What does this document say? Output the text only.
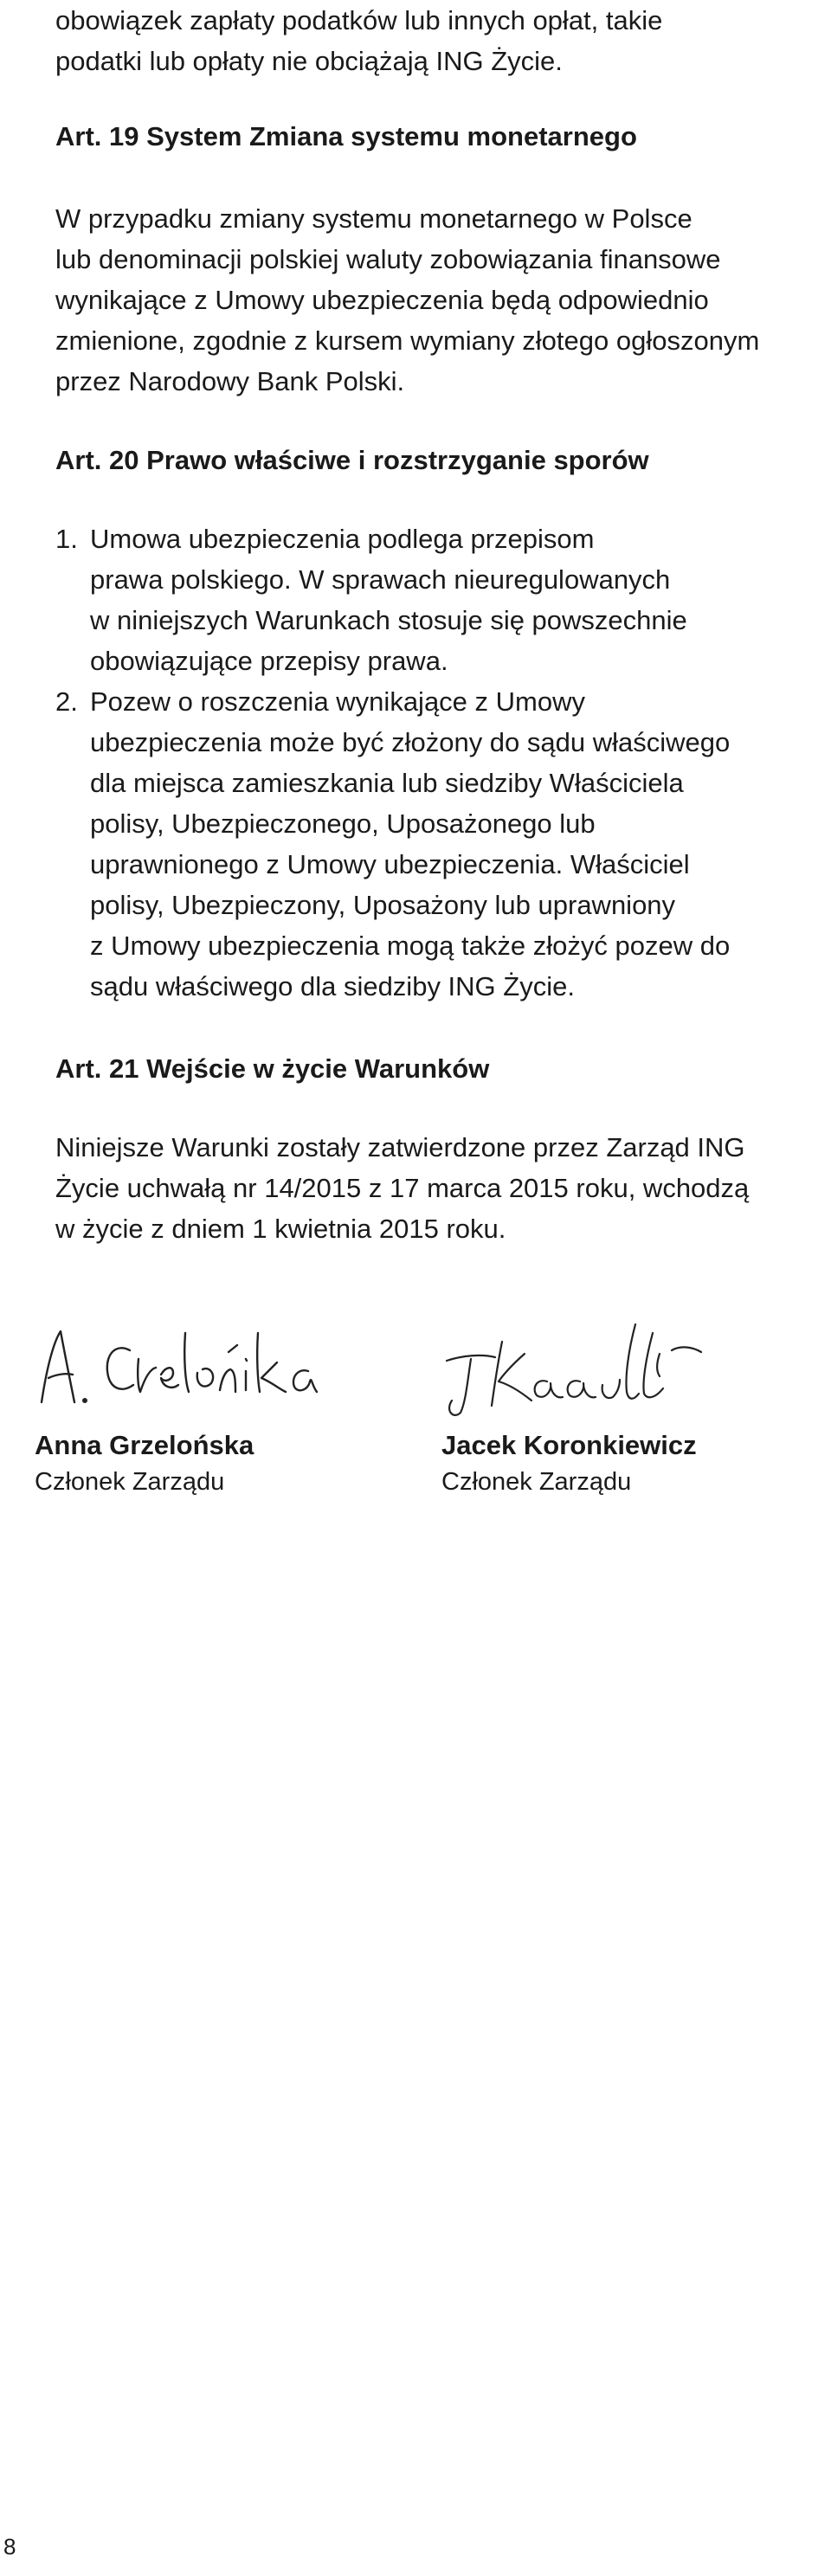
obowiązek zapłaty podatków lub innych opłat, takie

podatki lub opłaty nie obciążają ING Życie.

Art. 19 System Zmiana systemu monetarnego

W przypadku zmiany systemu monetarnego w Polsce

lub denominacji polskiej waluty zobowiązania finansowe

wynikające z Umowy ubezpieczenia będą odpowiednio

zmienione, zgodnie z kursem wymiany złotego ogłoszonym

przez Narodowy Bank Polski.

Art. 20 Prawo właściwe i rozstrzyganie sporów

1. Umowa ubezpieczenia podlega przepisom

prawa polskiego. W sprawach nieuregulowanych

w niniejszych Warunkach stosuje się powszechnie

obowiązujące przepisy prawa.

2. Pozew o roszczenia wynikające z Umowy

ubezpieczenia może być złożony do sądu właściwego

dla miejsca zamieszkania lub siedziby Właściciela

polisy, Ubezpieczonego, Uposażonego lub

uprawnionego z Umowy ubezpieczenia. Właściciel

polisy, Ubezpieczony, Uposażony lub uprawniony

z Umowy ubezpieczenia mogą także złożyć pozew do

sądu właściwego dla siedziby ING Życie.

Art. 21 Wejście w życie Warunków

Niniejsze Warunki zostały zatwierdzone przez Zarząd ING

Życie uchwałą nr 14/2015 z 17 marca 2015 roku, wchodzą

w życie z dniem 1 kwietnia 2015 roku.

Anna Grzelońska
Członek Zarządu
Jacek Koronkiewicz
Członek Zarządu
8
